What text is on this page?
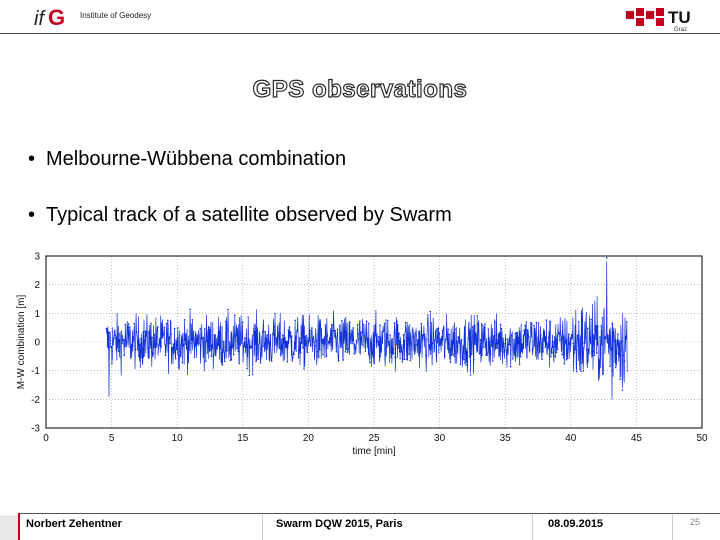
if G Institute of Geodesy	TU
Graz
GPS observations
• Melbourne-Wübbena combination
• Typical track of a satellite observed by Swarm
0	5	10	15	20	25	30	35	40	45	50
3
2
1
0
-1
-2
-3
M-W combination [m]
time [min]
Norbert Zehentner	Swarm DQW 2015, Paris	08.09.2015	25
